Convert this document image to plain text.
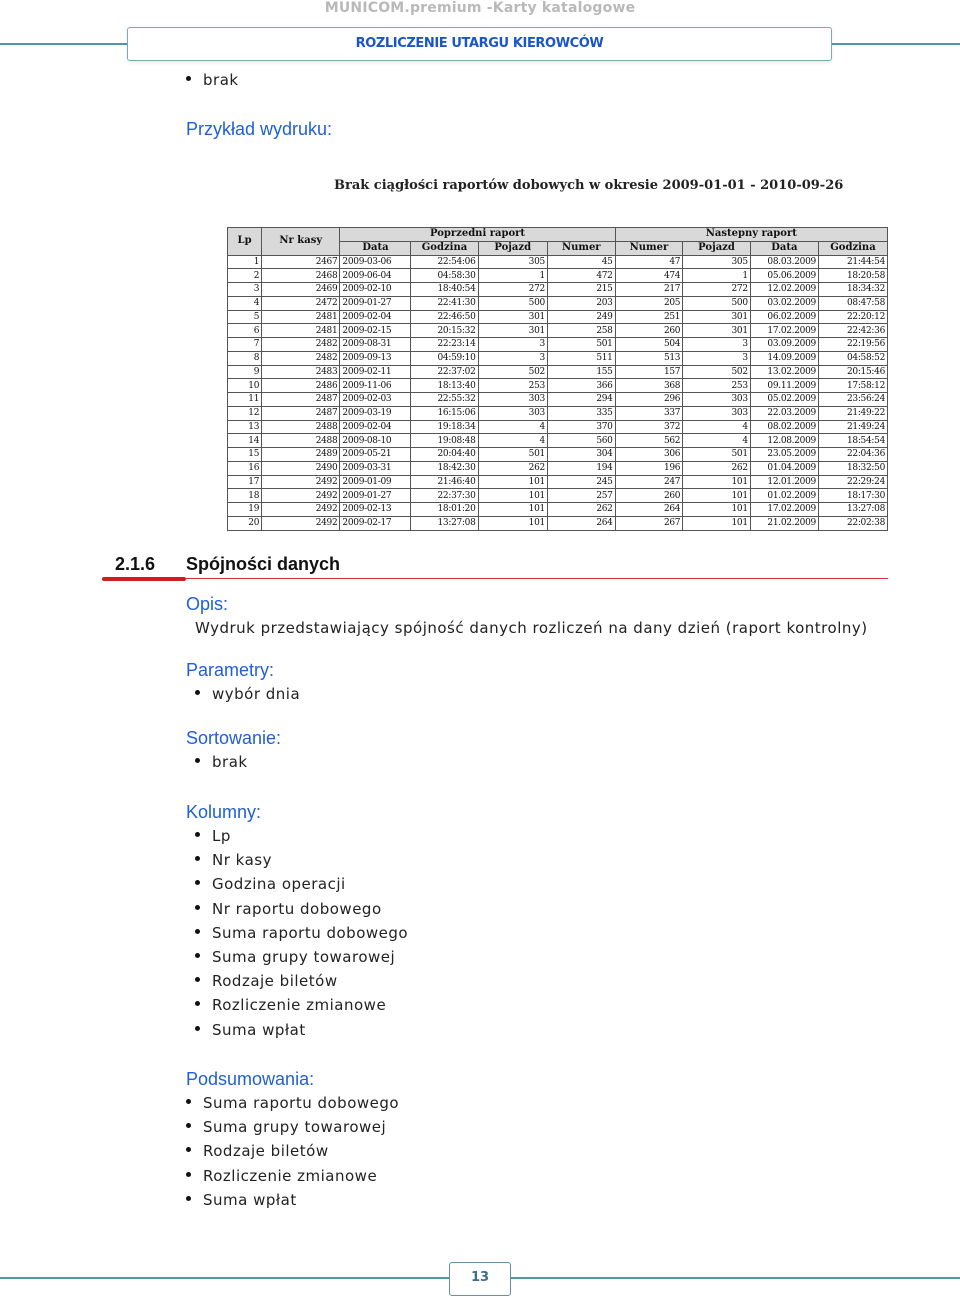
MUNICOM.premium -Karty katalogowe
ROZLICZENIE UTARGU KIEROWCÓW
brak
Przykład wydruku:
Brak ciągłości raportów dobowych w okresie 2009-01-01 - 2010-09-26
Lp	Nr kasy	Poprzedni raport				Nastepny raport			
		Data	Godzina	Pojazd	Numer	Numer	Pojazd	Data	Godzina
1	2467	2009-03-06	22:54:06	305	45	47	305	08.03.2009	21:44:54
2	2468	2009-06-04	04:58:30	1	472	474	1	05.06.2009	18:20:58
3	2469	2009-02-10	18:40:54	272	215	217	272	12.02.2009	18:34:32
4	2472	2009-01-27	22:41:30	500	203	205	500	03.02.2009	08:47:58
5	2481	2009-02-04	22:46:50	301	249	251	301	06.02.2009	22:20:12
6	2481	2009-02-15	20:15:32	301	258	260	301	17.02.2009	22:42:36
7	2482	2009-08-31	22:23:14	3	501	504	3	03.09.2009	22:19:56
8	2482	2009-09-13	04:59:10	3	511	513	3	14.09.2009	04:58:52
9	2483	2009-02-11	22:37:02	502	155	157	502	13.02.2009	20:15:46
10	2486	2009-11-06	18:13:40	253	366	368	253	09.11.2009	17:58:12
11	2487	2009-02-03	22:55:32	303	294	296	303	05.02.2009	23:56:24
12	2487	2009-03-19	16:15:06	303	335	337	303	22.03.2009	21:49:22
13	2488	2009-02-04	19:18:34	4	370	372	4	08.02.2009	21:49:24
14	2488	2009-08-10	19:08:48	4	560	562	4	12.08.2009	18:54:54
15	2489	2009-05-21	20:04:40	501	304	306	501	23.05.2009	22:04:36
16	2490	2009-03-31	18:42:30	262	194	196	262	01.04.2009	18:32:50
17	2492	2009-01-09	21:46:40	101	245	247	101	12.01.2009	22:29:24
18	2492	2009-01-27	22:37:30	101	257	260	101	01.02.2009	18:17:30
19	2492	2009-02-13	18:01:20	101	262	264	101	17.02.2009	13:27:08
20	2492	2009-02-17	13:27:08	101	264	267	101	21.02.2009	22:02:38
2.1.6 Spójności danych
Opis:
Wydruk przedstawiający spójność danych rozliczeń na dany dzień (raport kontrolny)
Parametry:
wybór dnia
Sortowanie:
brak
Kolumny:
Lp
Nr kasy
Godzina operacji
Nr raportu dobowego
Suma raportu dobowego
Suma grupy towarowej
Rodzaje biletów
Rozliczenie zmianowe
Suma wpłat
Podsumowania:
Suma raportu dobowego
Suma grupy towarowej
Rodzaje biletów
Rozliczenie zmianowe
Suma wpłat
13
